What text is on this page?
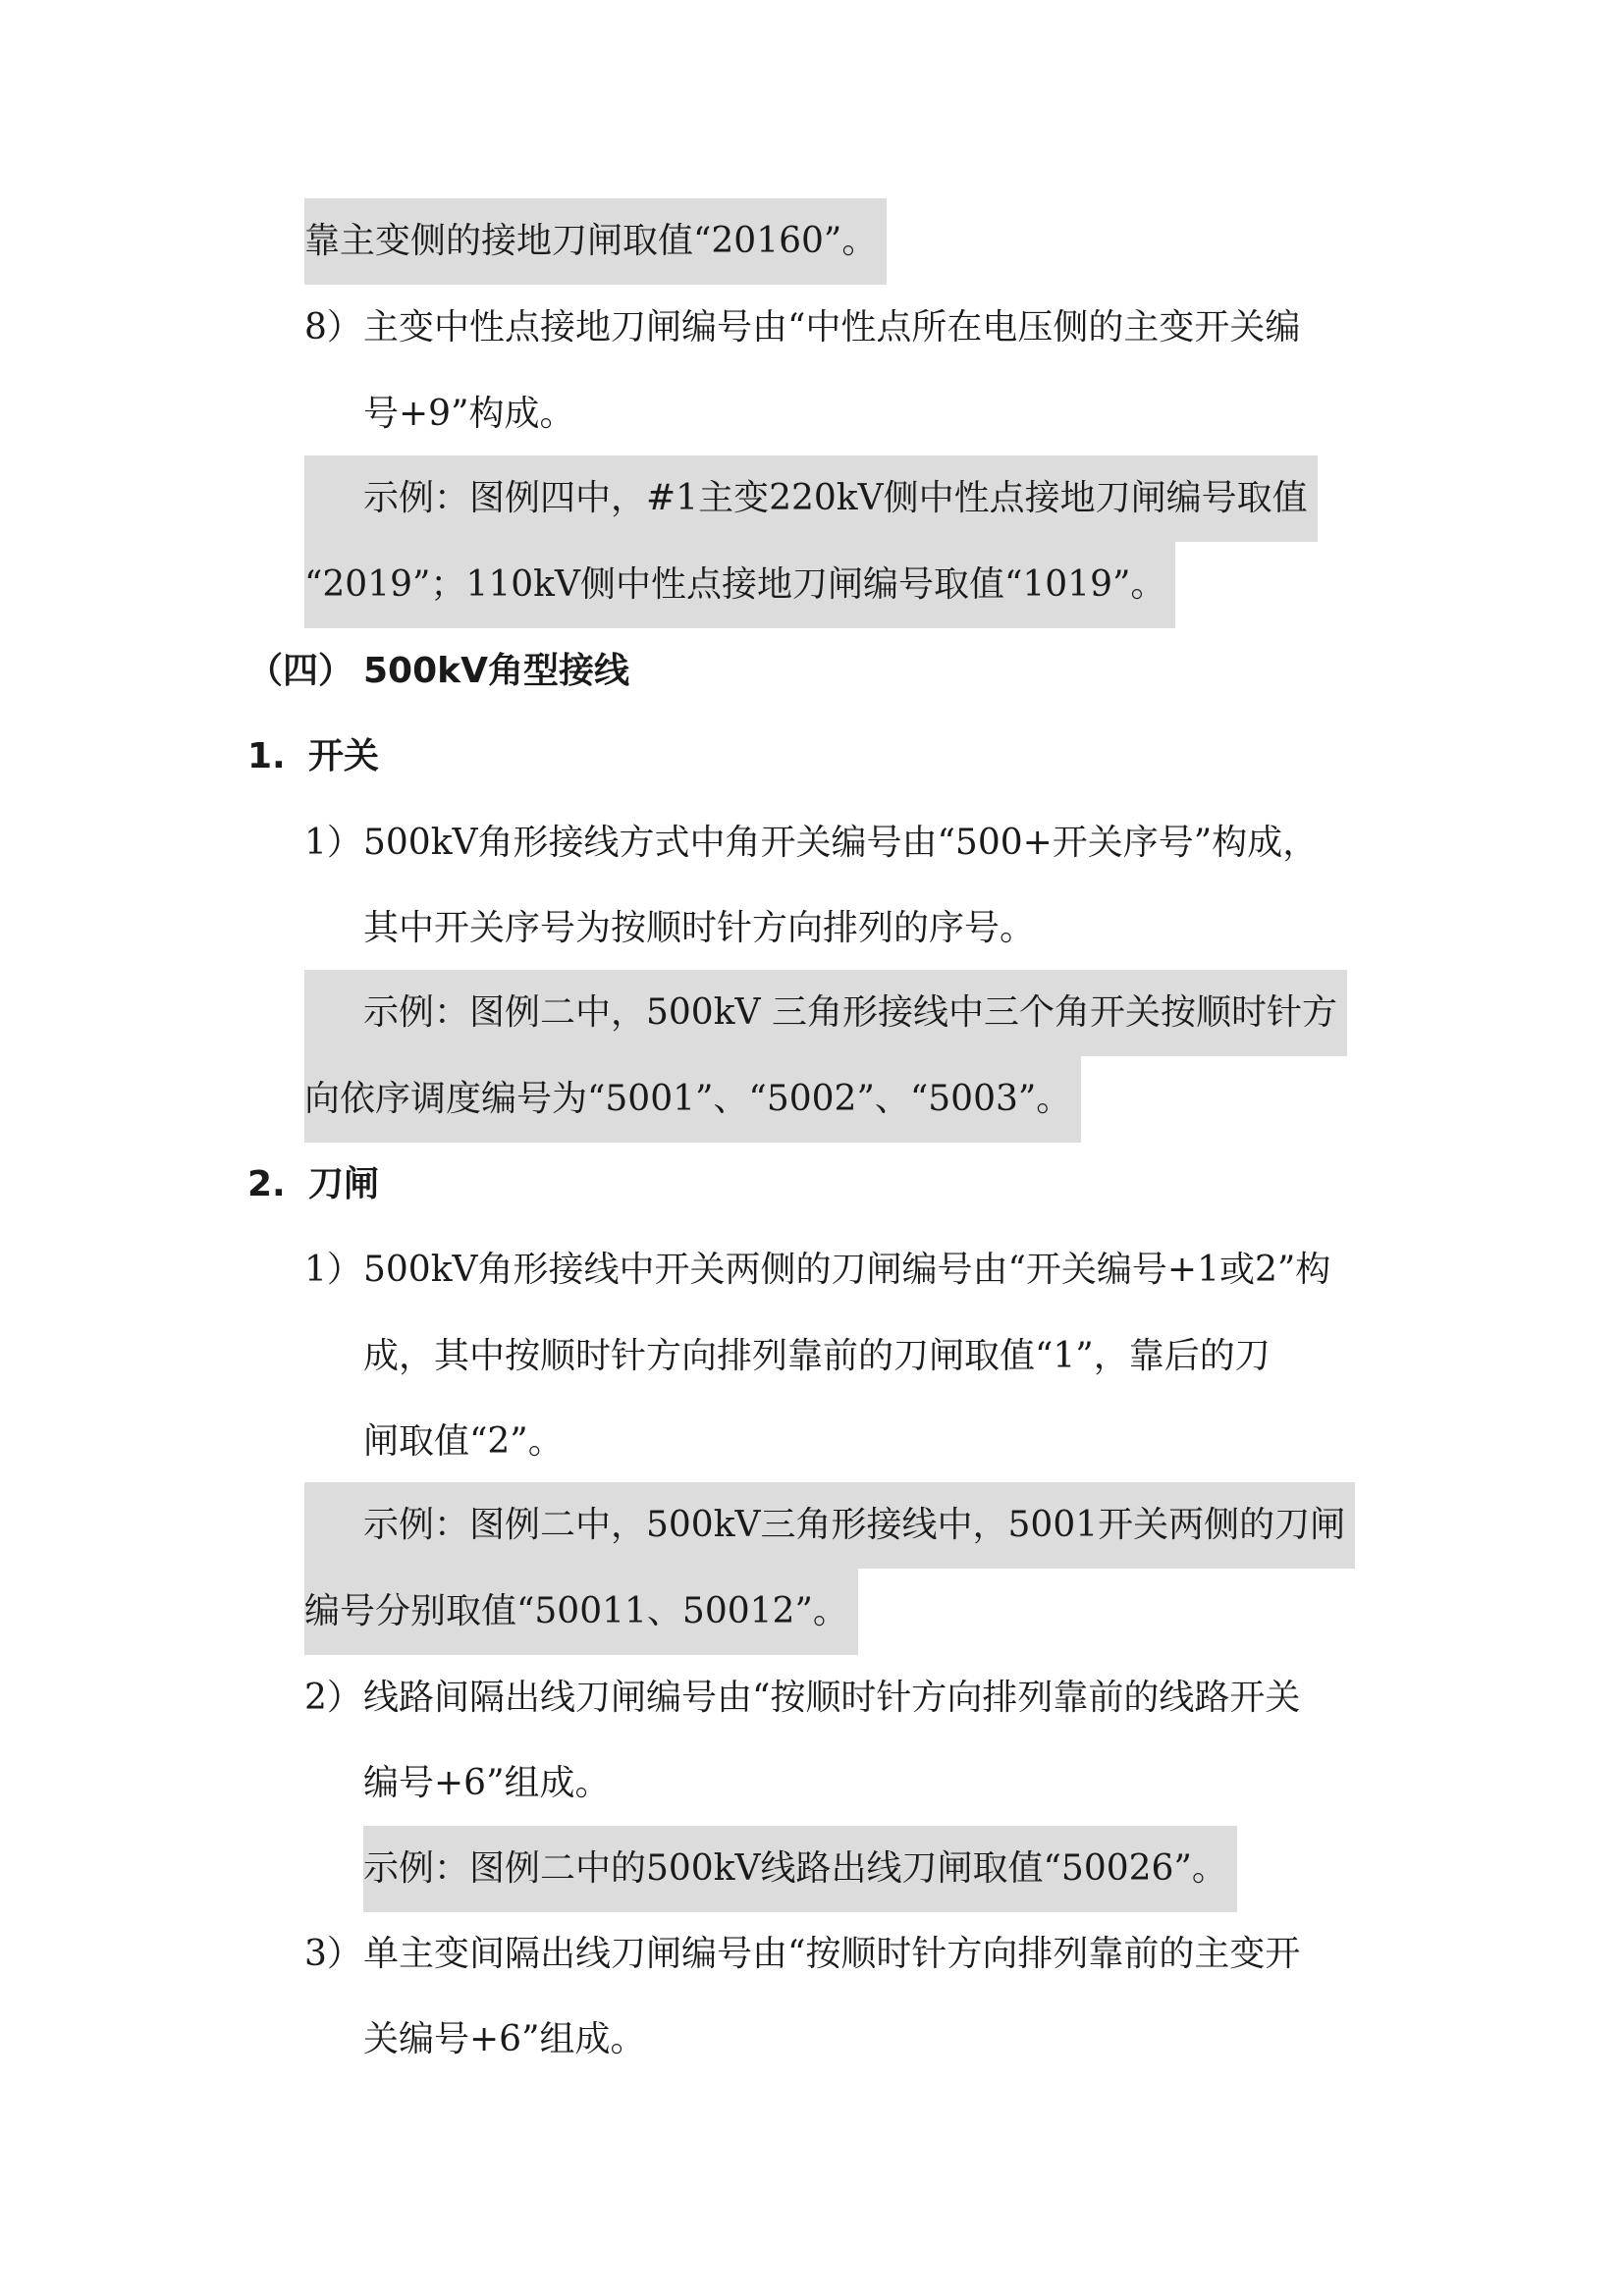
靠主变侧的接地刀闸取值“20160”。
8）主变中性点接地刀闸编号由“中性点所在电压侧的主变开关编
号+9”构成。
示例：图例四中，#1主变220kV侧中性点接地刀闸编号取值
“2019”；110kV侧中性点接地刀闸编号取值“1019”。
（四） 500kV角型接线
1. 开关
1）500kV角形接线方式中角开关编号由“500+开关序号”构成，
其中开关序号为按顺时针方向排列的序号。
示例：图例二中，500kV 三角形接线中三个角开关按顺时针方
向依序调度编号为“5001”、“5002”、“5003”。
2. 刀闸
1）500kV角形接线中开关两侧的刀闸编号由“开关编号+1或2”构
成，其中按顺时针方向排列靠前的刀闸取值“1”，靠后的刀
闸取值“2”。
示例：图例二中，500kV三角形接线中，5001开关两侧的刀闸
编号分别取值“50011、50012”。
2）线路间隔出线刀闸编号由“按顺时针方向排列靠前的线路开关
编号+6”组成。
示例：图例二中的500kV线路出线刀闸取值“50026”。
3）单主变间隔出线刀闸编号由“按顺时针方向排列靠前的主变开
关编号+6”组成。
